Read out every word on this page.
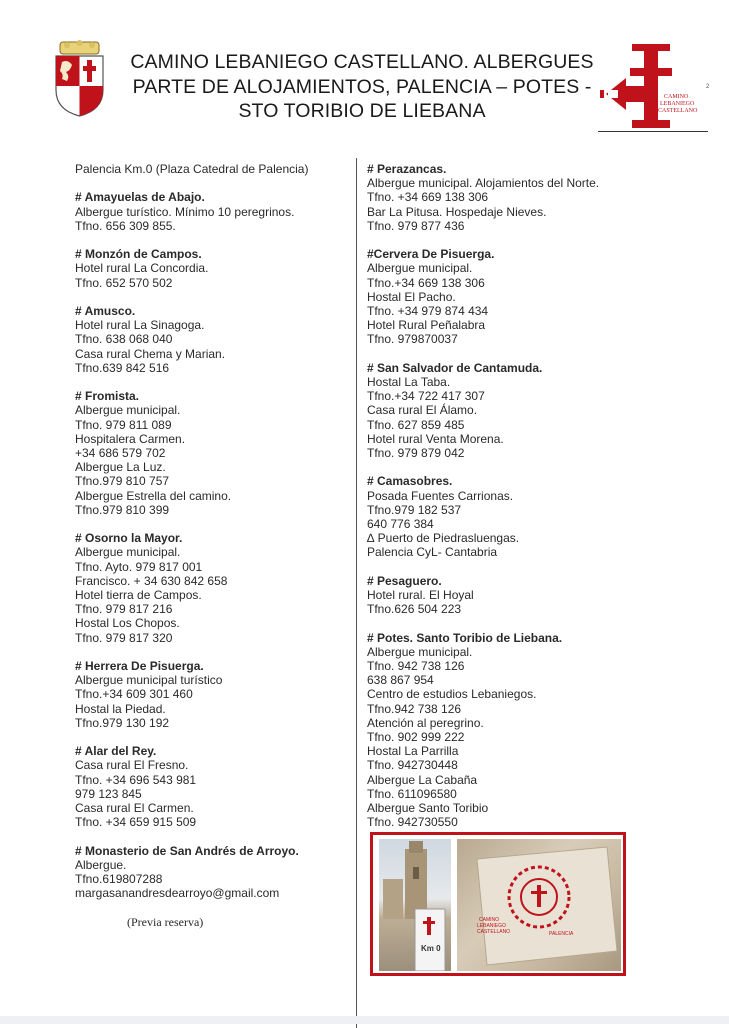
CAMINO LEBANIEGO CASTELLANO. ALBERGUES
PARTE DE ALOJAMIENTOS, PALENCIA – POTES -
STO TORIBIO DE LIEBANA
CAMINO
LEBANIEGO
CASTELLANO
2
Palencia Km.0 (Plaza Catedral de Palencia)
# Amayuelas de Abajo.
Albergue turístico. Mínimo 10 peregrinos.
Tfno. 656 309 855.
# Monzón de Campos.
Hotel rural La Concordia.
Tfno. 652 570 502
# Amusco.
Hotel rural La Sinagoga.
Tfno. 638 068 040
Casa rural Chema y Marian.
Tfno.639 842 516
# Fromista.
Albergue municipal.
Tfno. 979 811 089
Hospitalera Carmen.
+34 686 579 702
Albergue La Luz.
Tfno.979 810 757
Albergue Estrella del camino.
Tfno.979 810 399
# Osorno la Mayor.
Albergue municipal.
Tfno. Ayto. 979 817 001
Francisco. + 34 630 842 658
Hotel tierra de Campos.
Tfno. 979 817 216
Hostal Los Chopos.
Tfno. 979 817 320
# Herrera De Pisuerga.
Albergue municipal turístico
Tfno.+34 609 301 460
Hostal la Piedad.
Tfno.979 130 192
# Alar del Rey.
Casa rural El Fresno.
Tfno. +34 696 543 981
979 123 845
Casa rural El Carmen.
Tfno. +34 659 915 509
# Monasterio de San Andrés de Arroyo.
Albergue.
Tfno.619807288
margasanandresdearroyo@gmail.com
(Previa reserva)
# Perazancas.
Albergue municipal. Alojamientos del Norte.
Tfno. +34 669 138 306
Bar La Pitusa. Hospedaje Nieves.
Tfno. 979 877 436
#Cervera De Pisuerga.
Albergue municipal.
Tfno.+34 669 138 306
Hostal El Pacho.
Tfno. +34 979 874 434
Hotel Rural Peñalabra
Tfno. 979870037
# San Salvador de Cantamuda.
Hostal La Taba.
Tfno.+34 722 417 307
Casa rural El Álamo.
Tfno. 627 859 485
Hotel rural Venta Morena.
Tfno. 979 879 042
# Camasobres.
Posada Fuentes Carrionas.
Tfno.979 182 537
640 776 384
∆ Puerto de Piedrasluengas.
Palencia CyL- Cantabria
# Pesaguero.
Hotel rural. El Hoyal
Tfno.626 504 223
# Potes. Santo Toribio de Liebana.
Albergue municipal.
Tfno. 942 738 126
638 867 954
Centro de estudios Lebaniegos.
Tfno.942 738 126
Atención al peregrino.
Tfno. 902 999 222
Hostal La Parrilla
Tfno. 942730448
Albergue La Cabaña
Tfno. 611096580
Albergue Santo Toribio
Tfno. 942730550
Km 0
CAMINO
LEBANIEGO
CASTELLANO	PALENCIA
